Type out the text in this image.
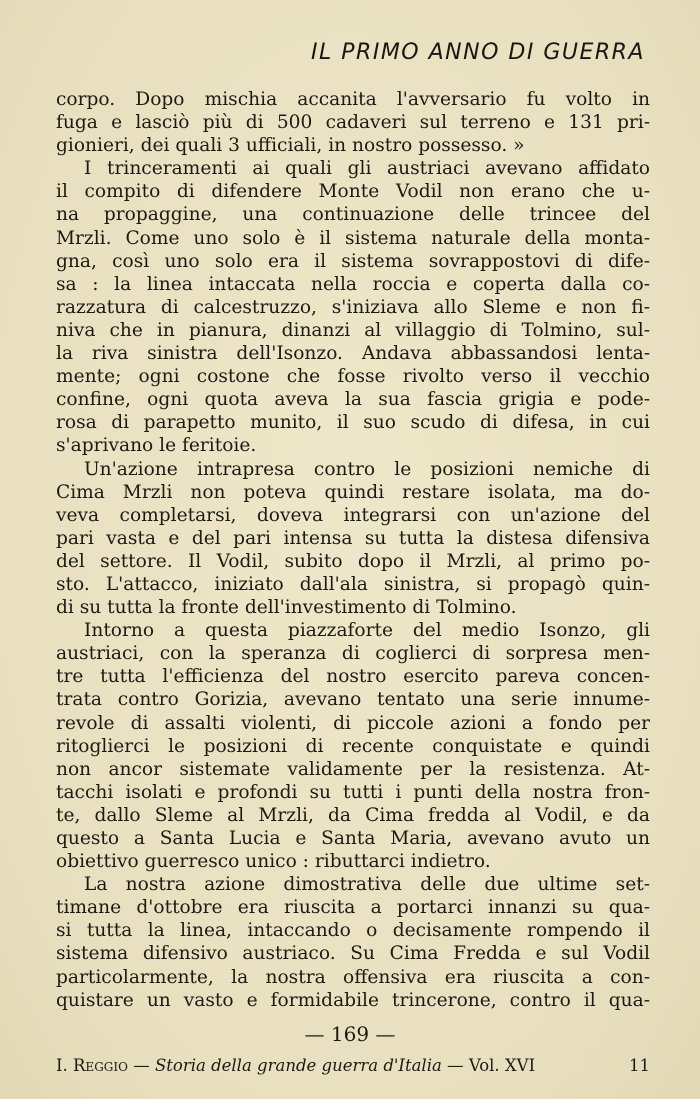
IL PRIMO ANNO DI GUERRA
corpo. Dopo mischia accanita l'avversario fu volto in
fuga e lasciò più di 500 cadaveri sul terreno e 131 pri-
gionieri, dei quali 3 ufficiali, in nostro possesso. »
I trinceramenti ai quali gli austriaci avevano affidato
il compito di difendere Monte Vodil non erano che u-
na propaggine, una continuazione delle trincee del
Mrzli. Come uno solo è il sistema naturale della monta-
gna, così uno solo era il sistema sovrappostovi di dife-
sa : la linea intaccata nella roccia e coperta dalla co-
razzatura di calcestruzzo, s'iniziava allo Sleme e non fi-
niva che in pianura, dinanzi al villaggio di Tolmino, sul-
la riva sinistra dell'Isonzo. Andava abbassandosi lenta-
mente; ogni costone che fosse rivolto verso il vecchio
confine, ogni quota aveva la sua fascia grigia e pode-
rosa di parapetto munito, il suo scudo di difesa, in cui
s'aprivano le feritoie.
Un'azione intrapresa contro le posizioni nemiche di
Cima Mrzli non poteva quindi restare isolata, ma do-
veva completarsi, doveva integrarsi con un'azione del
pari vasta e del pari intensa su tutta la distesa difensiva
del settore. Il Vodil, subito dopo il Mrzli, al primo po-
sto. L'attacco, iniziato dall'ala sinistra, si propagò quin-
di su tutta la fronte dell'investimento di Tolmino.
Intorno a questa piazzaforte del medio Isonzo, gli
austriaci, con la speranza di coglierci di sorpresa men-
tre tutta l'efficienza del nostro esercito pareva concen-
trata contro Gorizia, avevano tentato una serie innume-
revole di assalti violenti, di piccole azioni a fondo per
ritoglierci le posizioni di recente conquistate e quindi
non ancor sistemate validamente per la resistenza. At-
tacchi isolati e profondi su tutti i punti della nostra fron-
te, dallo Sleme al Mrzli, da Cima fredda al Vodil, e da
questo a Santa Lucia e Santa Maria, avevano avuto un
obiettivo guerresco unico : ributtarci indietro.
La nostra azione dimostrativa delle due ultime set-
timane d'ottobre era riuscita a portarci innanzi su qua-
si tutta la linea, intaccando o decisamente rompendo il
sistema difensivo austriaco. Su Cima Fredda e sul Vodil
particolarmente, la nostra offensiva era riuscita a con-
quistare un vasto e formidabile trincerone, contro il qua-
— 169 —
I. Reggio — Storia della grande guerra d'Italia — Vol. XVI	11
